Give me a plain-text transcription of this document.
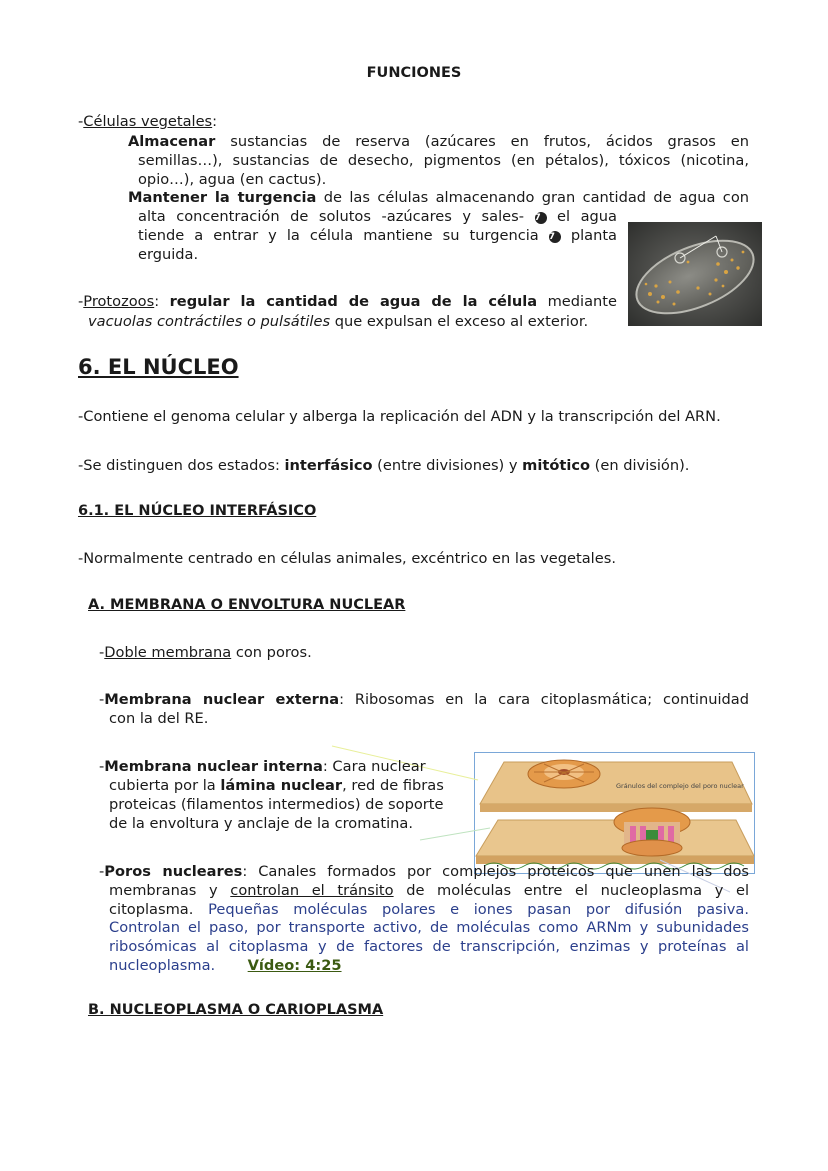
FUNCIONES
-Células vegetales:
Almacenar sustancias de reserva (azúcares en frutos, ácidos grasos en
semillas…), sustancias de desecho, pigmentos (en pétalos), tóxicos (nicotina,
opio…), agua (en cactus).
Mantener la turgencia de las células almacenando gran cantidad de agua con
alta concentración de solutos -azúcares y sales- 7 el agua
tiende a entrar y la célula mantiene su turgencia 7 planta
erguida.
-Protozoos: regular la cantidad de agua de la célula mediante
vacuolas contráctiles o pulsátiles que expulsan el exceso al exterior.
6. EL NÚCLEO
-Contiene el genoma celular y alberga la replicación del ADN y la transcripción del ARN.
-Se distinguen dos estados: interfásico (entre divisiones) y mitótico (en división).
6.1. EL NÚCLEO INTERFÁSICO
-Normalmente centrado en células animales, excéntrico en las vegetales.
A. MEMBRANA O ENVOLTURA NUCLEAR
-Doble membrana con poros.
-Membrana nuclear externa: Ribosomas en la cara citoplasmática; continuidad
con la del RE.
Gránulos del complejo del poro nuclear
-Membrana nuclear interna: Cara nuclear
cubierta por la lámina nuclear, red de fibras
proteicas (filamentos intermedios) de soporte
de la envoltura y anclaje de la cromatina.
-Poros nucleares: Canales formados por complejos proteicos que unen las dos
membranas y controlan el tránsito de moléculas entre el nucleoplasma y el
citoplasma. Pequeñas moléculas polares e iones pasan por difusión pasiva.
Controlan el paso, por transporte activo, de moléculas como ARNm y subunidades
ribosómicas al citoplasma y de factores de transcripción, enzimas y proteínas al
nucleoplasma. Vídeo: 4:25
B. NUCLEOPLASMA O CARIOPLASMA
